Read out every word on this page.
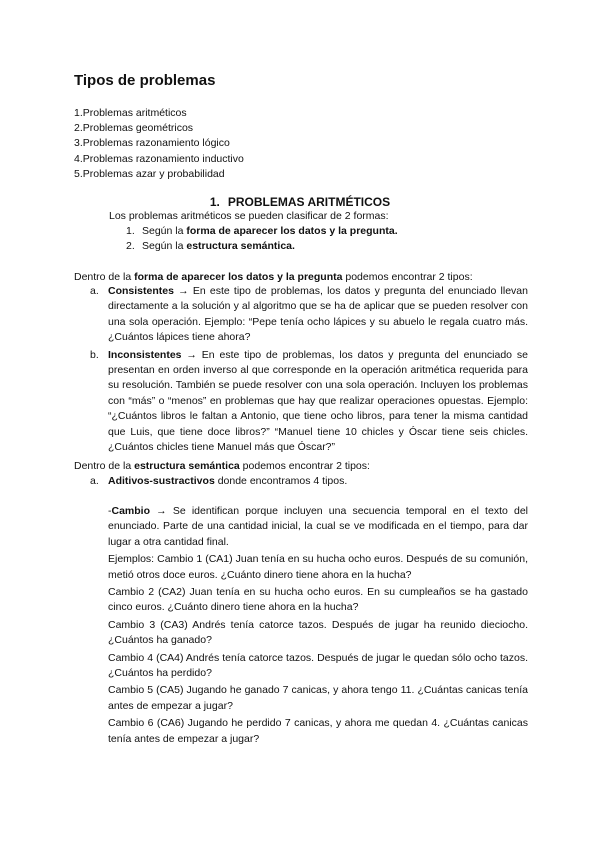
Tipos de problemas
1.Problemas aritméticos
2.Problemas geométricos
3.Problemas razonamiento lógico
4.Problemas razonamiento inductivo
5.Problemas azar y probabilidad
1. PROBLEMAS ARITMÉTICOS

Los problemas aritméticos se pueden clasificar de 2 formas:

1. Según la forma de aparecer los datos y la pregunta.
2. Según la estructura semántica.

Dentro de la forma de aparecer los datos y la pregunta podemos encontrar 2 tipos:

a. Consistentes → En este tipo de problemas, los datos y pregunta del enunciado llevan directamente a la solución y al algoritmo que se ha de aplicar que se pueden resolver con una sola operación. Ejemplo: “Pepe tenía ocho lápices y su abuelo le regala cuatro más. ¿Cuántos lápices tiene ahora?
b. Inconsistentes → En este tipo de problemas, los datos y pregunta del enunciado se presentan en orden inverso al que corresponde en la operación aritmética requerida para su resolución. También se puede resolver con una sola operación. Incluyen los problemas con “más” o “menos” en problemas que hay que realizar operaciones opuestas. Ejemplo: “¿Cuántos libros le faltan a Antonio, que tiene ocho libros, para tener la misma cantidad que Luis, que tiene doce libros?” “Manuel tiene 10 chicles y Óscar tiene seis chicles. ¿Cuántos chicles tiene Manuel más que Óscar?”

Dentro de la estructura semántica podemos encontrar 2 tipos:

a. Aditivos-sustractivos donde encontramos 4 tipos.

-Cambio → Se identifican porque incluyen una secuencia temporal en el texto del enunciado. Parte de una cantidad inicial, la cual se ve modificada en el tiempo, para dar lugar a otra cantidad final.

Ejemplos: Cambio 1 (CA1) Juan tenía en su hucha ocho euros. Después de su comunión, metió otros doce euros. ¿Cuánto dinero tiene ahora en la hucha?

Cambio 2 (CA2) Juan tenía en su hucha ocho euros. En su cumpleaños se ha gastado cinco euros. ¿Cuánto dinero tiene ahora en la hucha?

Cambio 3 (CA3) Andrés tenía catorce tazos. Después de jugar ha reunido dieciocho. ¿Cuántos ha ganado?

Cambio 4 (CA4) Andrés tenía catorce tazos. Después de jugar le quedan sólo ocho tazos. ¿Cuántos ha perdido?

Cambio 5 (CA5) Jugando he ganado 7 canicas, y ahora tengo 11. ¿Cuántas canicas tenía antes de empezar a jugar?

Cambio 6 (CA6) Jugando he perdido 7 canicas, y ahora me quedan 4. ¿Cuántas canicas tenía antes de empezar a jugar?
